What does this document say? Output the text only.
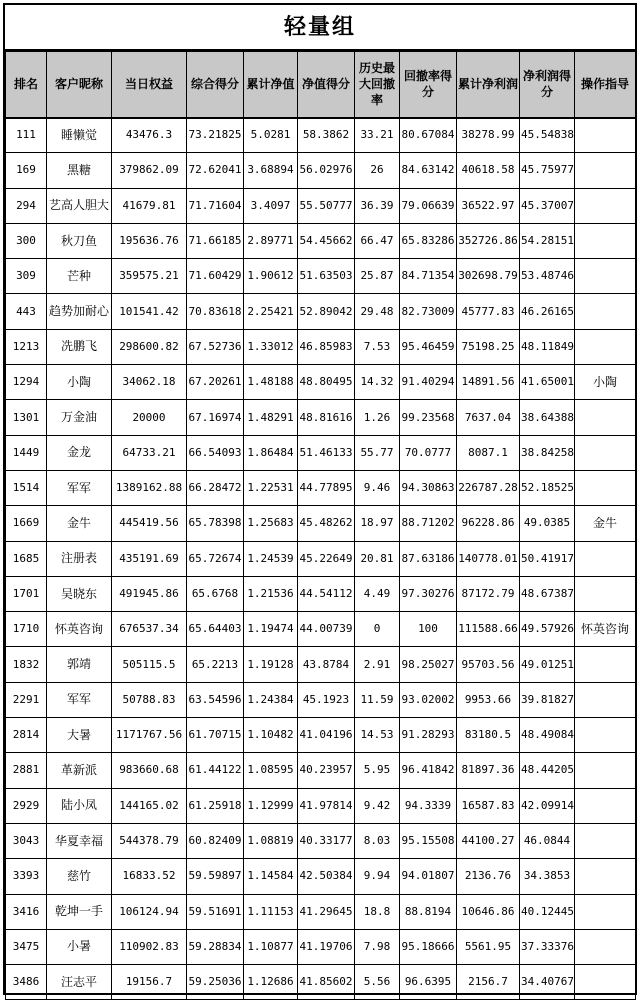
轻量组
排名	客户昵称	当日权益	综合得分	累计净值	净值得分	历史最大回撤率	回撤率得分	累计净利润	净利润得分	操作指导
111	睡懒觉	43476.3	73.21825	5.0281	58.3862	33.21	80.67084	38278.99	45.54838	
169	黑糖	379862.09	72.62041	3.68894	56.02976	26	84.63142	40618.58	45.75977	
294	艺高人胆大	41679.81	71.71604	3.4097	55.50777	36.39	79.06639	36522.97	45.37007	
300	秋刀鱼	195636.76	71.66185	2.89771	54.45662	66.47	65.83286	352726.86	54.28151	
309	芒种	359575.21	71.60429	1.90612	51.63503	25.87	84.71354	302698.79	53.48746	
443	趋势加耐心	101541.42	70.83618	2.25421	52.89042	29.48	82.73009	45777.83	46.26165	
1213	冼鹏飞	298600.82	67.52736	1.33012	46.85983	7.53	95.46459	75198.25	48.11849	
1294	小陶	34062.18	67.20261	1.48188	48.80495	14.32	91.40294	14891.56	41.65001	小陶
1301	万金油	20000	67.16974	1.48291	48.81616	1.26	99.23568	7637.04	38.64388	
1449	金龙	64733.21	66.54093	1.86484	51.46133	55.77	70.0777	8087.1	38.84258	
1514	军军	1389162.88	66.28472	1.22531	44.77895	9.46	94.30863	226787.28	52.18525	
1669	金牛	445419.56	65.78398	1.25683	45.48262	18.97	88.71202	96228.86	49.0385	金牛
1685	注册表	435191.69	65.72674	1.24539	45.22649	20.81	87.63186	140778.01	50.41917	
1701	吴晓东	491945.86	65.6768	1.21536	44.54112	4.49	97.30276	87172.79	48.67387	
1710	怀英咨询	676537.34	65.64403	1.19474	44.00739	0	100	111588.66	49.57926	怀英咨询
1832	郭靖	505115.5	65.2213	1.19128	43.8784	2.91	98.25027	95703.56	49.01251	
2291	军军	50788.83	63.54596	1.24384	45.1923	11.59	93.02002	9953.66	39.81827	
2814	大暑	1171767.56	61.70715	1.10482	41.04196	14.53	91.28293	83180.5	48.49084	
2881	革新派	983660.68	61.44122	1.08595	40.23957	5.95	96.41842	81897.36	48.44205	
2929	陆小凤	144165.02	61.25918	1.12999	41.97814	9.42	94.3339	16587.83	42.09914	
3043	华夏幸福	544378.79	60.82409	1.08819	40.33177	8.03	95.15508	44100.27	46.0844	
3393	慈竹	16833.52	59.59897	1.14584	42.50384	9.94	94.01807	2136.76	34.3853	
3416	乾坤一手	106124.94	59.51691	1.11153	41.29645	18.8	88.8194	10646.86	40.12445	
3475	小暑	110902.83	59.28834	1.10877	41.19706	7.98	95.18666	5561.95	37.33376	
3486	汪志平	19156.7	59.25036	1.12686	41.85602	5.56	96.6395	2156.7	34.40767	
